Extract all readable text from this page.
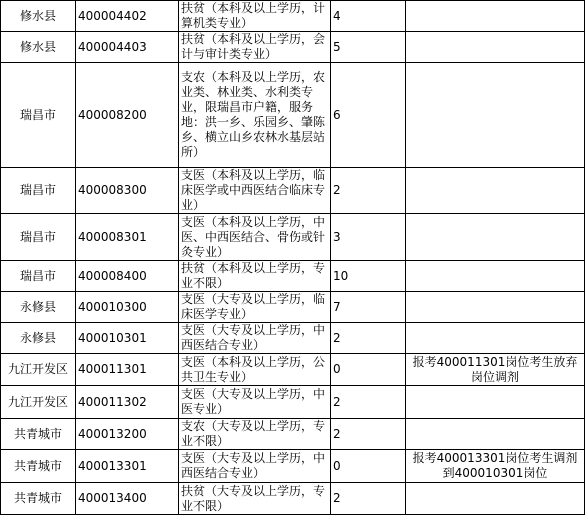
修水县	400004402	扶贫（本科及以上学历，计算机类专业）	4	
修水县	400004403	扶贫（本科及以上学历，会计与审计类专业）	5	
瑞昌市	400008200	支农（本科及以上学历，农业类、林业类、水利类专业，限瑞昌市户籍，服务地：洪一乡、乐园乡、肇陈乡、横立山乡农林水基层站所）	6	
瑞昌市	400008300	支医（本科及以上学历，临床医学或中西医结合临床专业）	2	
瑞昌市	400008301	支医（本科及以上学历，中医、中西医结合、骨伤或针灸专业）	3	
瑞昌市	400008400	扶贫（本科及以上学历，专业不限）	10	
永修县	400010300	支医（大专及以上学历，临床医学专业）	7	
永修县	400010301	支医（大专及以上学历，中西医结合专业）	2	
九江开发区	400011301	支医（本科及以上学历，公共卫生专业）	0	报考400011301岗位考生放弃岗位调剂
九江开发区	400011302	支医（大专及以上学历，中医专业）	2	
共青城市	400013200	支农（大专及以上学历，专业不限）	2	
共青城市	400013301	支医（大专及以上学历，中西医结合专业）	0	报考400013301岗位考生调剂到400010301岗位
共青城市	400013400	扶贫（大专及以上学历，专业不限）	2	
